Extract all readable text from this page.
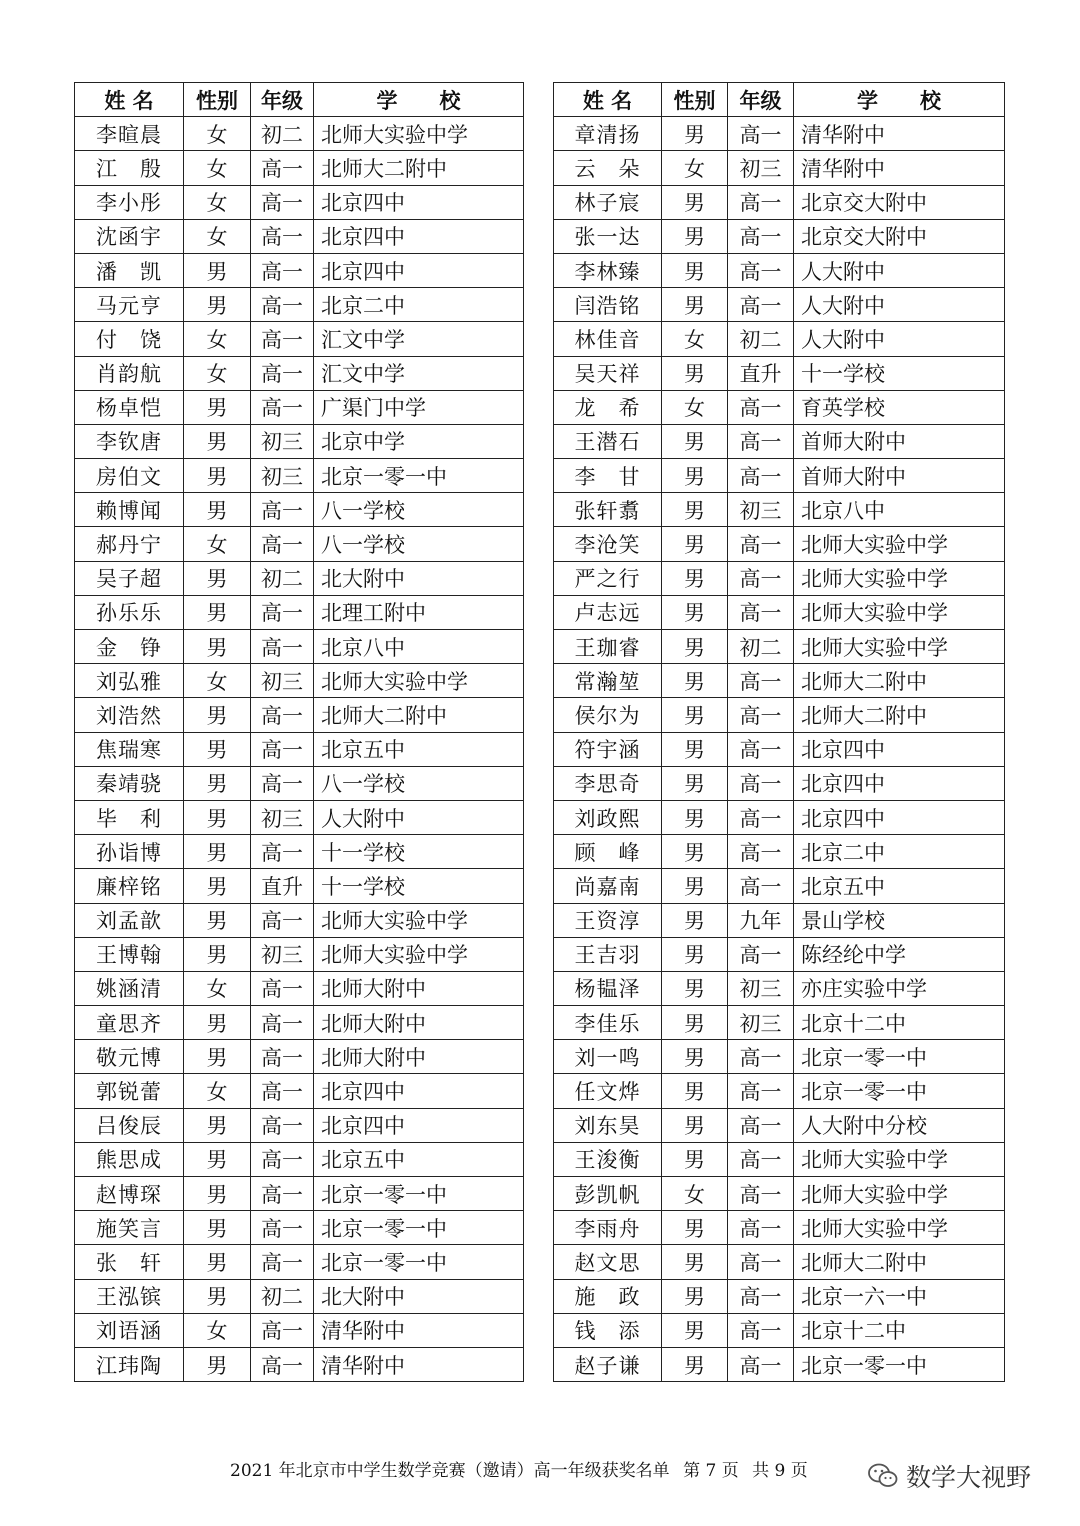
姓 名	性别	年级	学　　校
李暄晨	女	初二	北师大实验中学
江　殷	女	高一	北师大二附中
李小彤	女	高一	北京四中
沈函宇	女	高一	北京四中
潘　凯	男	高一	北京四中
马元亨	男	高一	北京二中
付　饶	女	高一	汇文中学
肖韵航	女	高一	汇文中学
杨卓恺	男	高一	广渠门中学
李钦唐	男	初三	北京中学
房伯文	男	初三	北京一零一中
赖博闻	男	高一	八一学校
郝丹宁	女	高一	八一学校
吴子超	男	初二	北大附中
孙乐乐	男	高一	北理工附中
金　铮	男	高一	北京八中
刘弘雅	女	初三	北师大实验中学
刘浩然	男	高一	北师大二附中
焦瑞寒	男	高一	北京五中
秦靖骁	男	高一	八一学校
毕　利	男	初三	人大附中
孙诣博	男	高一	十一学校
廉梓铭	男	直升	十一学校
刘孟歆	男	高一	北师大实验中学
王博翰	男	初三	北师大实验中学
姚涵清	女	高一	北师大附中
童思齐	男	高一	北师大附中
敬元博	男	高一	北师大附中
郭锐蕾	女	高一	北京四中
吕俊辰	男	高一	北京四中
熊思成	男	高一	北京五中
赵博琛	男	高一	北京一零一中
施笑言	男	高一	北京一零一中
张　轩	男	高一	北京一零一中
王泓镔	男	初二	北大附中
刘语涵	女	高一	清华附中
江玮陶	男	高一	清华附中
姓 名	性别	年级	学　　校
章清扬	男	高一	清华附中
云　朵	女	初三	清华附中
林子宸	男	高一	北京交大附中
张一达	男	高一	北京交大附中
李林臻	男	高一	人大附中
闫浩铭	男	高一	人大附中
林佳音	女	初二	人大附中
吴天祥	男	直升	十一学校
龙　希	女	高一	育英学校
王潜石	男	高一	首师大附中
李　甘	男	高一	首师大附中
张轩翥	男	初三	北京八中
李沧笑	男	高一	北师大实验中学
严之行	男	高一	北师大实验中学
卢志远	男	高一	北师大实验中学
王珈睿	男	初二	北师大实验中学
常瀚堃	男	高一	北师大二附中
侯尔为	男	高一	北师大二附中
符宇涵	男	高一	北京四中
李思奇	男	高一	北京四中
刘政熙	男	高一	北京四中
顾　峰	男	高一	北京二中
尚嘉南	男	高一	北京五中
王资淳	男	九年	景山学校
王吉羽	男	高一	陈经纶中学
杨韫泽	男	初三	亦庄实验中学
李佳乐	男	初三	北京十二中
刘一鸣	男	高一	北京一零一中
任文烨	男	高一	北京一零一中
刘东昊	男	高一	人大附中分校
王浚衡	男	高一	北师大实验中学
彭凯帆	女	高一	北师大实验中学
李雨舟	男	高一	北师大实验中学
赵文思	男	高一	北师大二附中
施　政	男	高一	北京一六一中
钱　添	男	高一	北京十二中
赵子谦	男	高一	北京一零一中
2021 年北京市中学生数学竞赛（邀请）高一年级获奖名单 第 7 页 共 9 页	数学大视野
